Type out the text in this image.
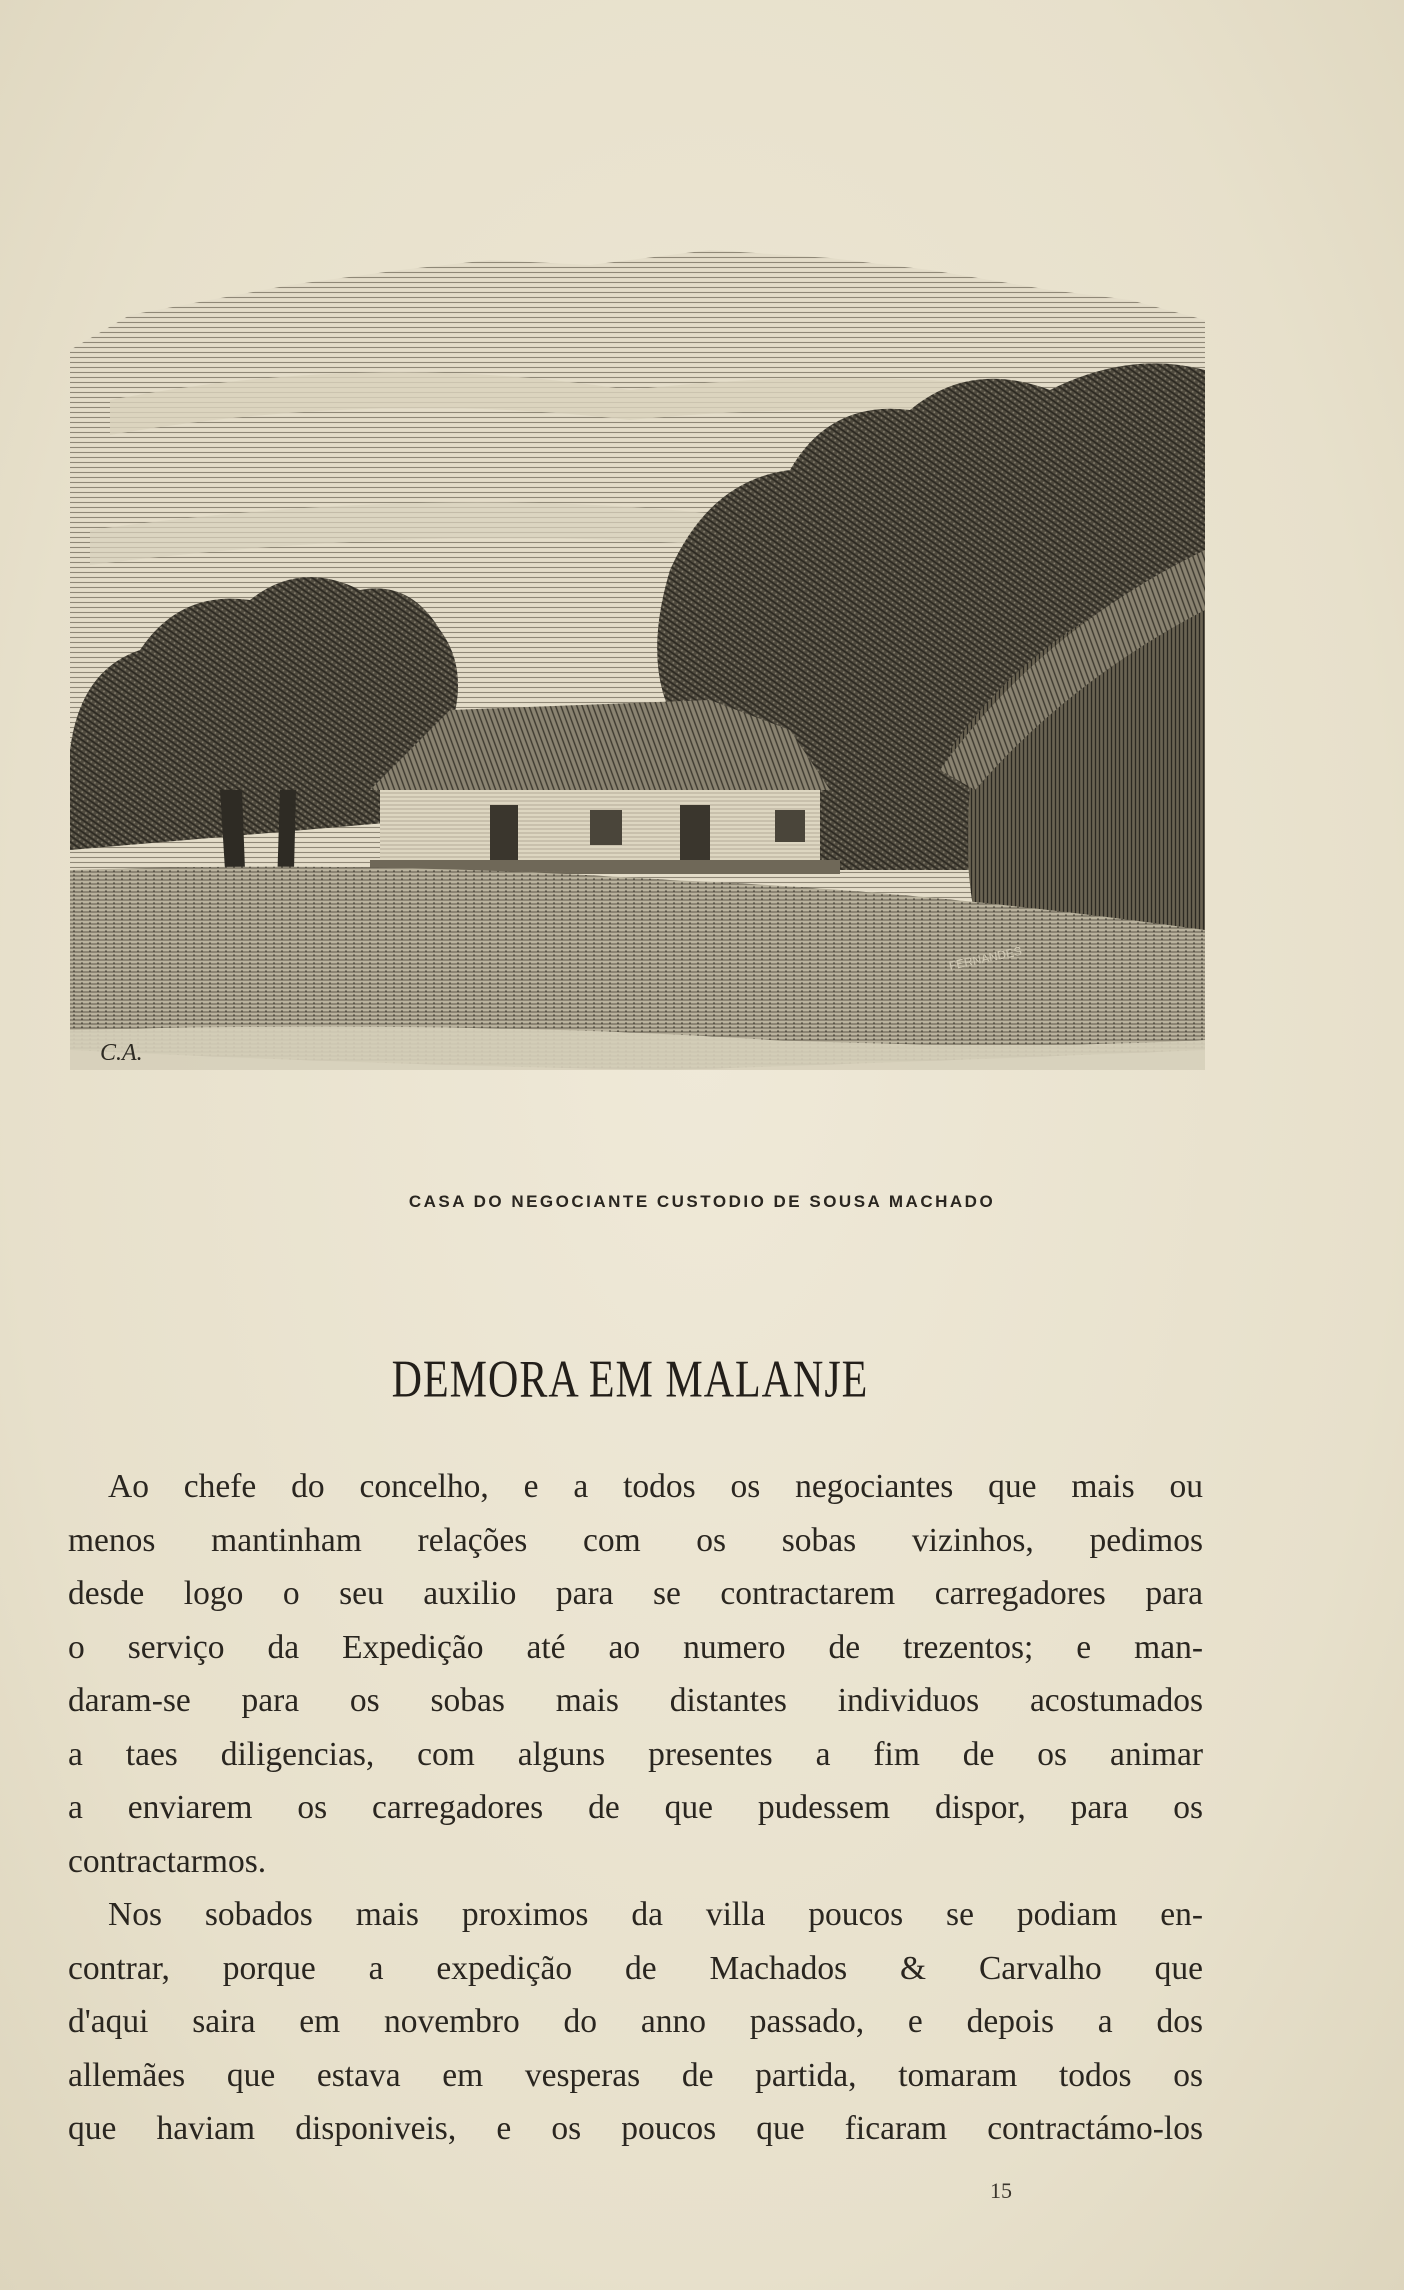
C.A.
FERNANDES
CASA DO NEGOCIANTE CUSTODIO DE SOUSA MACHADO
DEMORA EM MALANJE
Ao chefe do concelho, e a todos os negociantes que mais ou
menos mantinham relações com os sobas vizinhos, pedimos
desde logo o seu auxilio para se contractarem carregadores para
o serviço da Expedição até ao numero de trezentos; e man-
daram-se para os sobas mais distantes individuos acostumados
a taes diligencias, com alguns presentes a fim de os animar
a enviarem os carregadores de que pudessem dispor, para os
contractarmos.
Nos sobados mais proximos da villa poucos se podiam en-
contrar, porque a expedição de Machados & Carvalho que
d'aqui saira em novembro do anno passado, e depois a dos
allemães que estava em vesperas de partida, tomaram todos os
que haviam disponiveis, e os poucos que ficaram contractámo-los
15
